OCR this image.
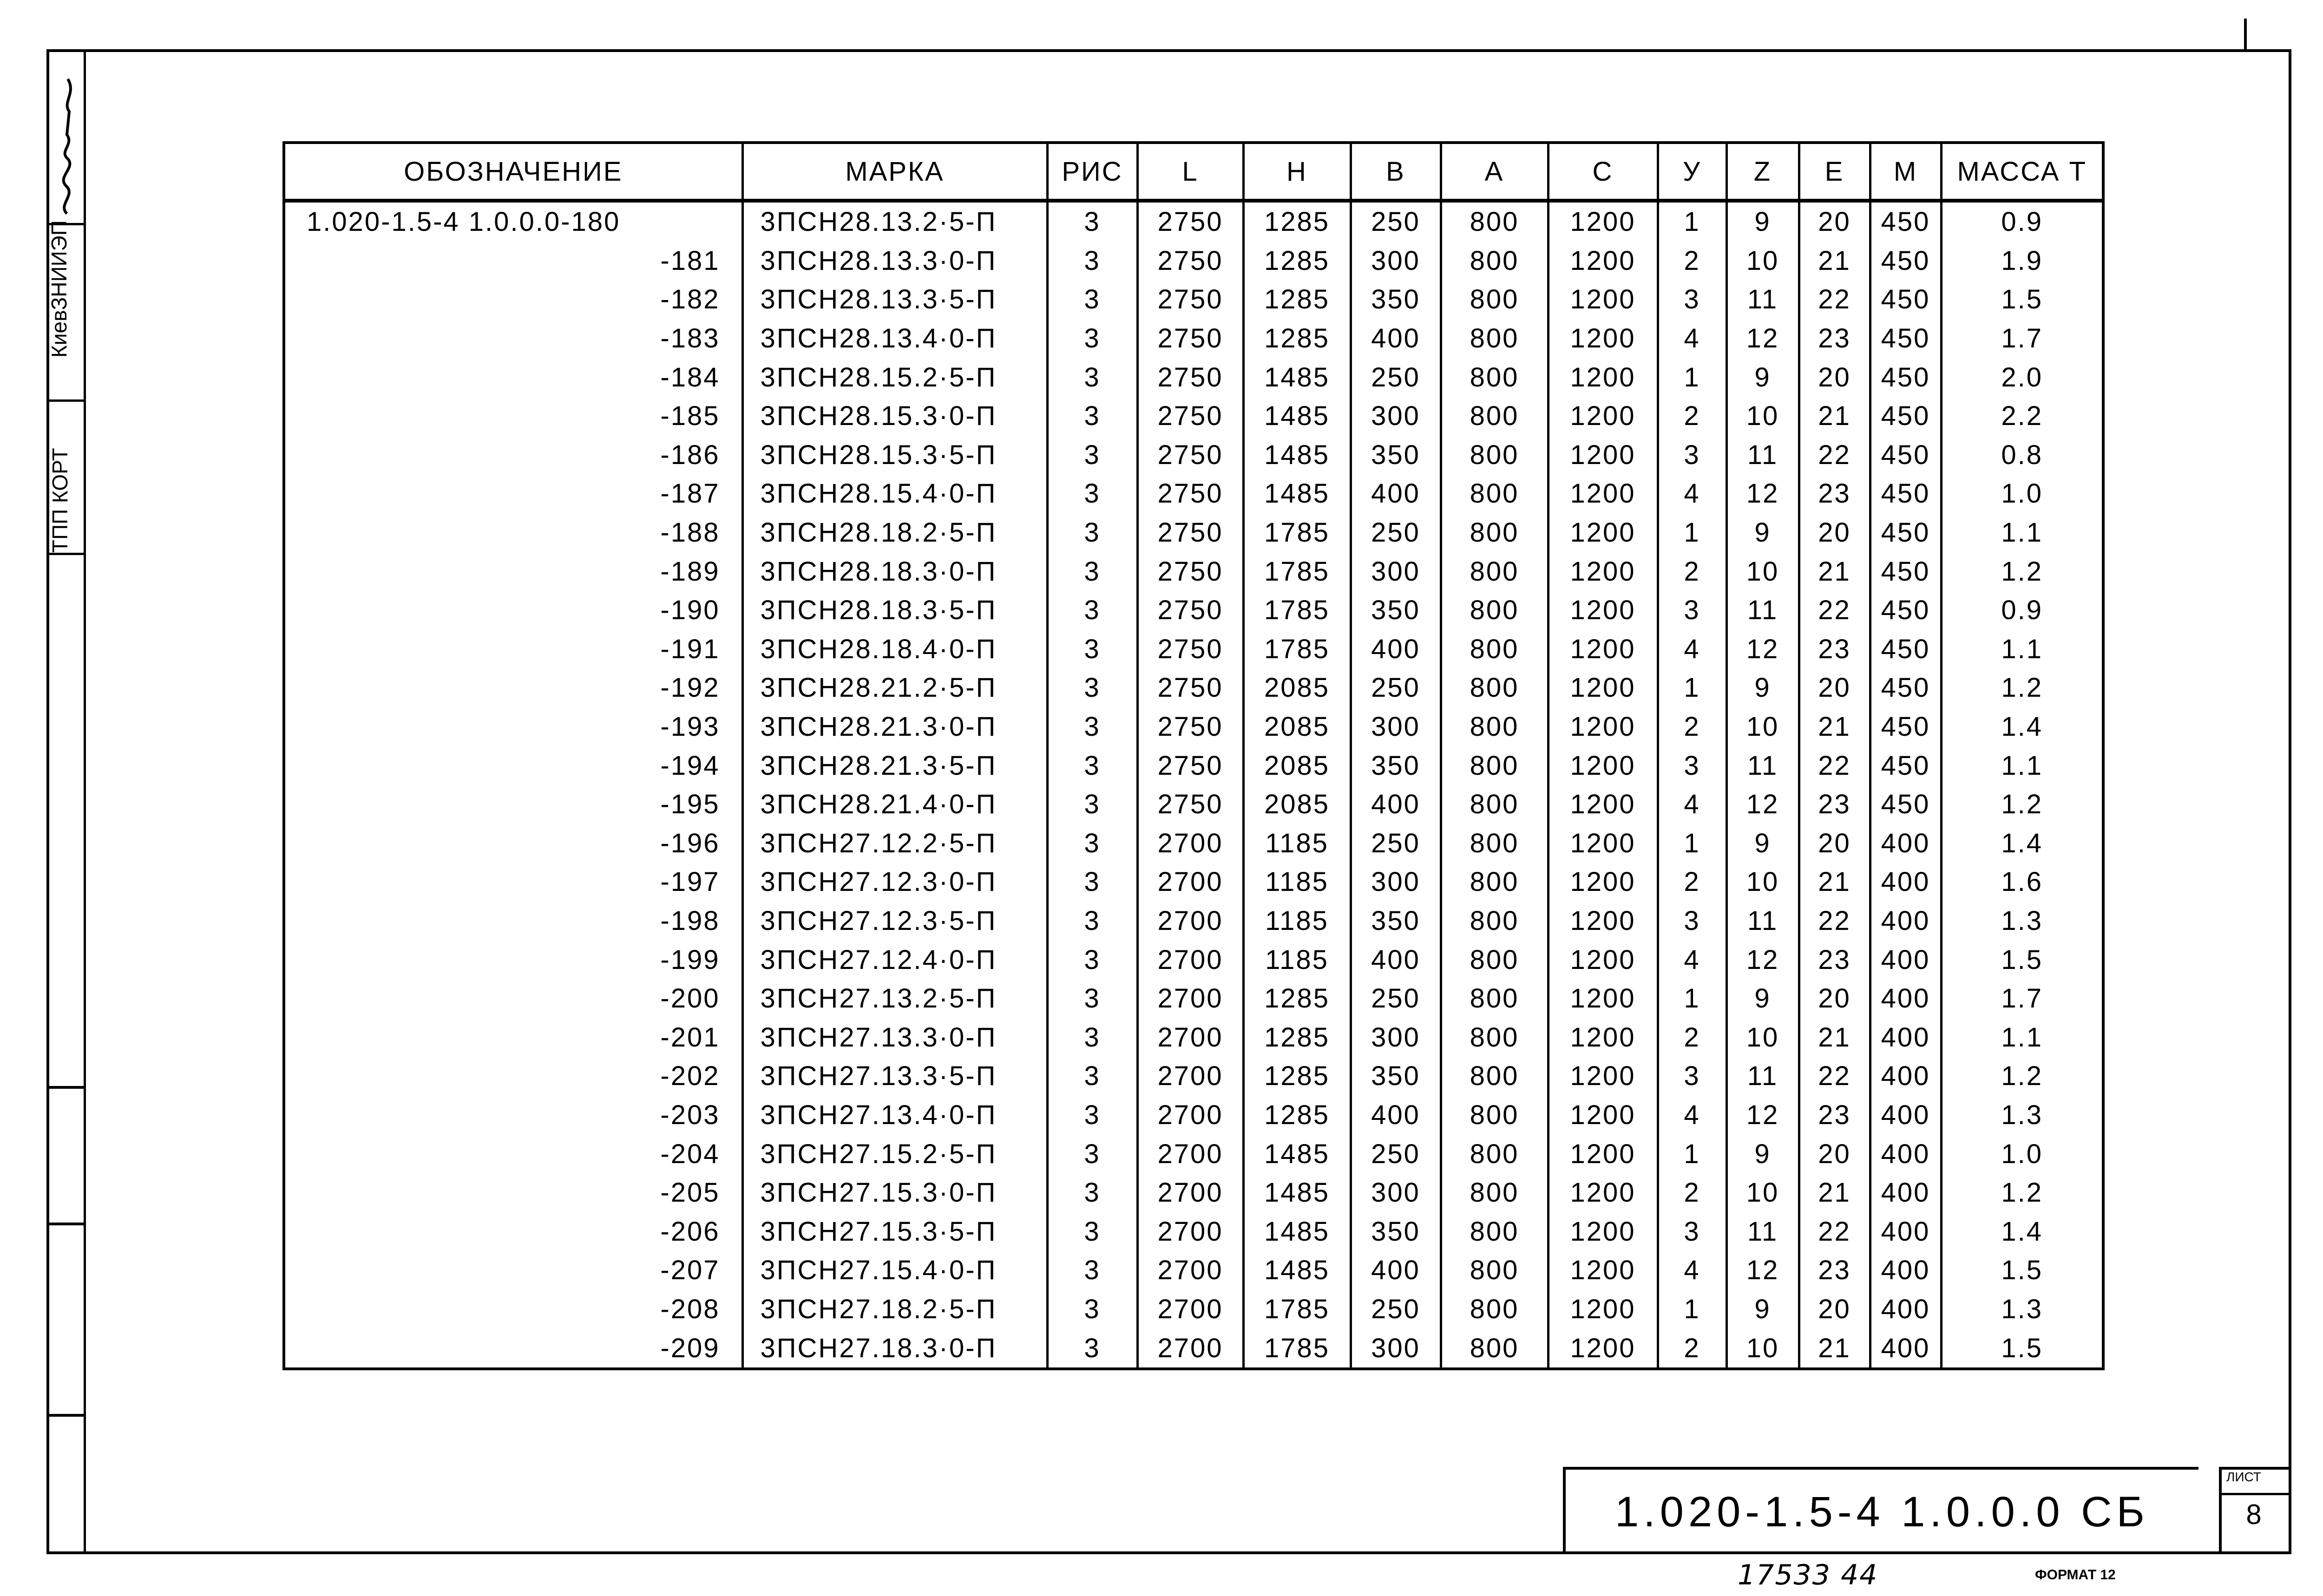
ТПП КОРТ
КиевЗНИИЭП
ОБОЗНАЧЕНИЕ	МАРКА	РИС	L	Н	В	А	С	У	Z	Е	М	МАССА Т
1.020-1.5-4 1.0.0.0-180	3ПСН28.13.2·5-П	3	2750	1285	250	800	1200	1	9	20	450	0.9
-181	3ПСН28.13.3·0-П	3	2750	1285	300	800	1200	2	10	21	450	1.9
-182	3ПСН28.13.3·5-П	3	2750	1285	350	800	1200	3	11	22	450	1.5
-183	3ПСН28.13.4·0-П	3	2750	1285	400	800	1200	4	12	23	450	1.7
-184	3ПСН28.15.2·5-П	3	2750	1485	250	800	1200	1	9	20	450	2.0
-185	3ПСН28.15.3·0-П	3	2750	1485	300	800	1200	2	10	21	450	2.2
-186	3ПСН28.15.3·5-П	3	2750	1485	350	800	1200	3	11	22	450	0.8
-187	3ПСН28.15.4·0-П	3	2750	1485	400	800	1200	4	12	23	450	1.0
-188	3ПСН28.18.2·5-П	3	2750	1785	250	800	1200	1	9	20	450	1.1
-189	3ПСН28.18.3·0-П	3	2750	1785	300	800	1200	2	10	21	450	1.2
-190	3ПСН28.18.3·5-П	3	2750	1785	350	800	1200	3	11	22	450	0.9
-191	3ПСН28.18.4·0-П	3	2750	1785	400	800	1200	4	12	23	450	1.1
-192	3ПСН28.21.2·5-П	3	2750	2085	250	800	1200	1	9	20	450	1.2
-193	3ПСН28.21.3·0-П	3	2750	2085	300	800	1200	2	10	21	450	1.4
-194	3ПСН28.21.3·5-П	3	2750	2085	350	800	1200	3	11	22	450	1.1
-195	3ПСН28.21.4·0-П	3	2750	2085	400	800	1200	4	12	23	450	1.2
-196	3ПСН27.12.2·5-П	3	2700	1185	250	800	1200	1	9	20	400	1.4
-197	3ПСН27.12.3·0-П	3	2700	1185	300	800	1200	2	10	21	400	1.6
-198	3ПСН27.12.3·5-П	3	2700	1185	350	800	1200	3	11	22	400	1.3
-199	3ПСН27.12.4·0-П	3	2700	1185	400	800	1200	4	12	23	400	1.5
-200	3ПСН27.13.2·5-П	3	2700	1285	250	800	1200	1	9	20	400	1.7
-201	3ПСН27.13.3·0-П	3	2700	1285	300	800	1200	2	10	21	400	1.1
-202	3ПСН27.13.3·5-П	3	2700	1285	350	800	1200	3	11	22	400	1.2
-203	3ПСН27.13.4·0-П	3	2700	1285	400	800	1200	4	12	23	400	1.3
-204	3ПСН27.15.2·5-П	3	2700	1485	250	800	1200	1	9	20	400	1.0
-205	3ПСН27.15.3·0-П	3	2700	1485	300	800	1200	2	10	21	400	1.2
-206	3ПСН27.15.3·5-П	3	2700	1485	350	800	1200	3	11	22	400	1.4
-207	3ПСН27.15.4·0-П	3	2700	1485	400	800	1200	4	12	23	400	1.5
-208	3ПСН27.18.2·5-П	3	2700	1785	250	800	1200	1	9	20	400	1.3
-209	3ПСН27.18.3·0-П	3	2700	1785	300	800	1200	2	10	21	400	1.5
1.020-1.5-4 1.0.0.0 СБ
ЛИСТ
8
17533 44	ФОРМАТ 12
